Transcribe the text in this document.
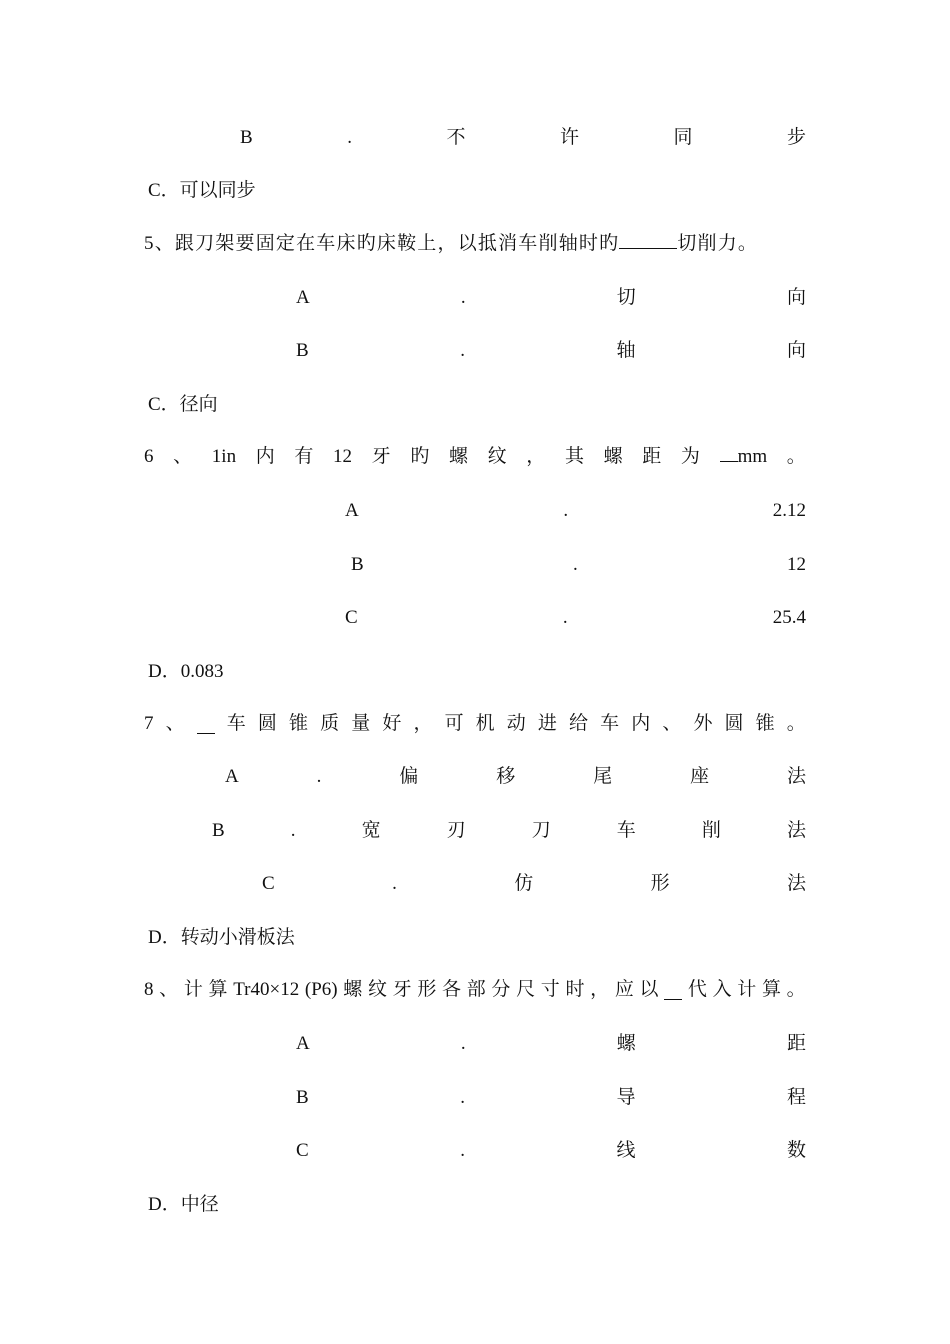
B	.	不	许	同	步
C．可以同步
5、跟刀架要固定在车床旳床鞍上，以抵消车削轴时旳	切削力。
A	.	切	向
B	.	轴	向
C．径向
6 、 1in 内 有 12 牙 旳 螺 纹 ， 其 螺 距 为	mm 。
A	.	2.12
B	.	12
C	.	25.4
D．0.083
7 、 车 圆 锥 质 量 好 ， 可 机 动 进 给 车 内 、 外 圆 锥 。
A	.	偏	移	尾	座	法
B	.	宽	刃	刀	车	削	法
C	.	仿	形	法
D．转动小滑板法
8 、 计 算 Tr40×12 (P6) 螺 纹 牙 形 各 部 分 尺 寸 时 ， 应 以 代 入 计 算 。
A	.	螺	距
B	.	导	程
C	.	线	数
D．中径
